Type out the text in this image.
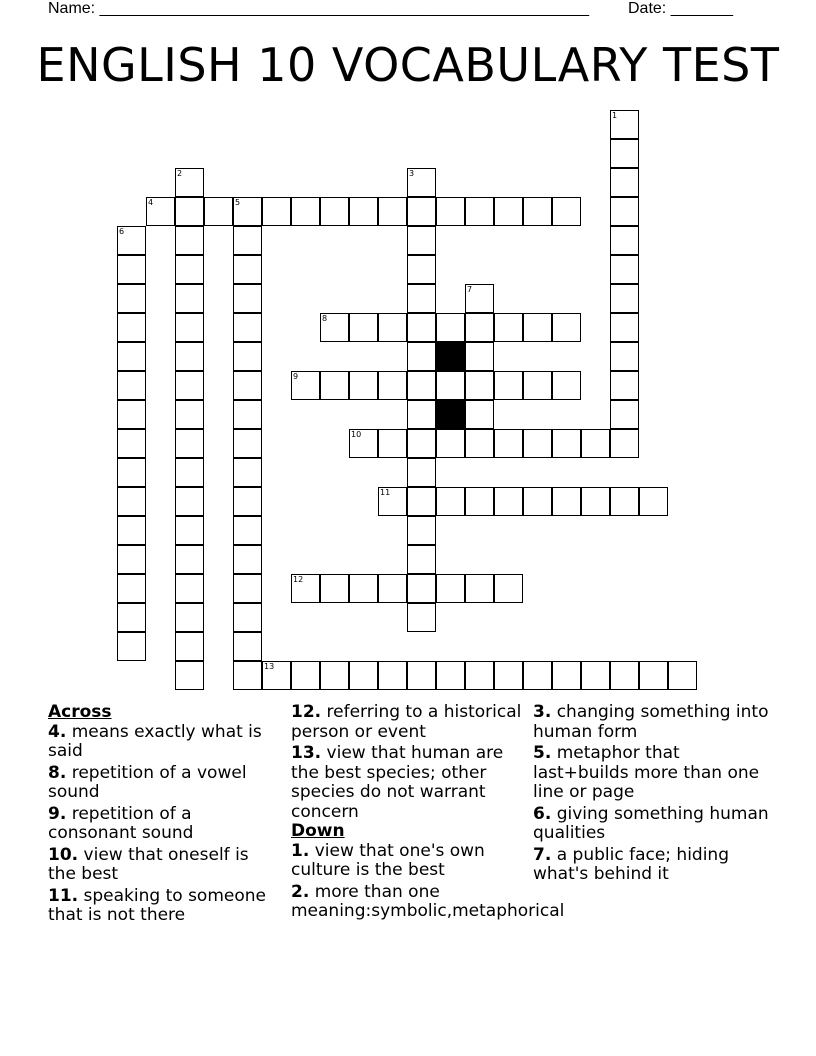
Name: _______________________________________________________ Date: _______
ENGLISH 10 VOCABULARY TEST
1
2	3
4	5
6
7
8
9
10
11
12
13
Across
4. means exactly what is said
8. repetition of a vowel sound
9. repetition of a consonant sound
10. view that oneself is the best
11. speaking to someone that is not there
12. referring to a historical person or event
13. view that human are the best species; other species do not warrant concern
Down
1. view that one's own culture is the best
2. more than one meaning:symbolic,metaphorical
3. changing something into human form
5. metaphor that last+builds more than one line or page
6. giving something human qualities
7. a public face; hiding what's behind it
